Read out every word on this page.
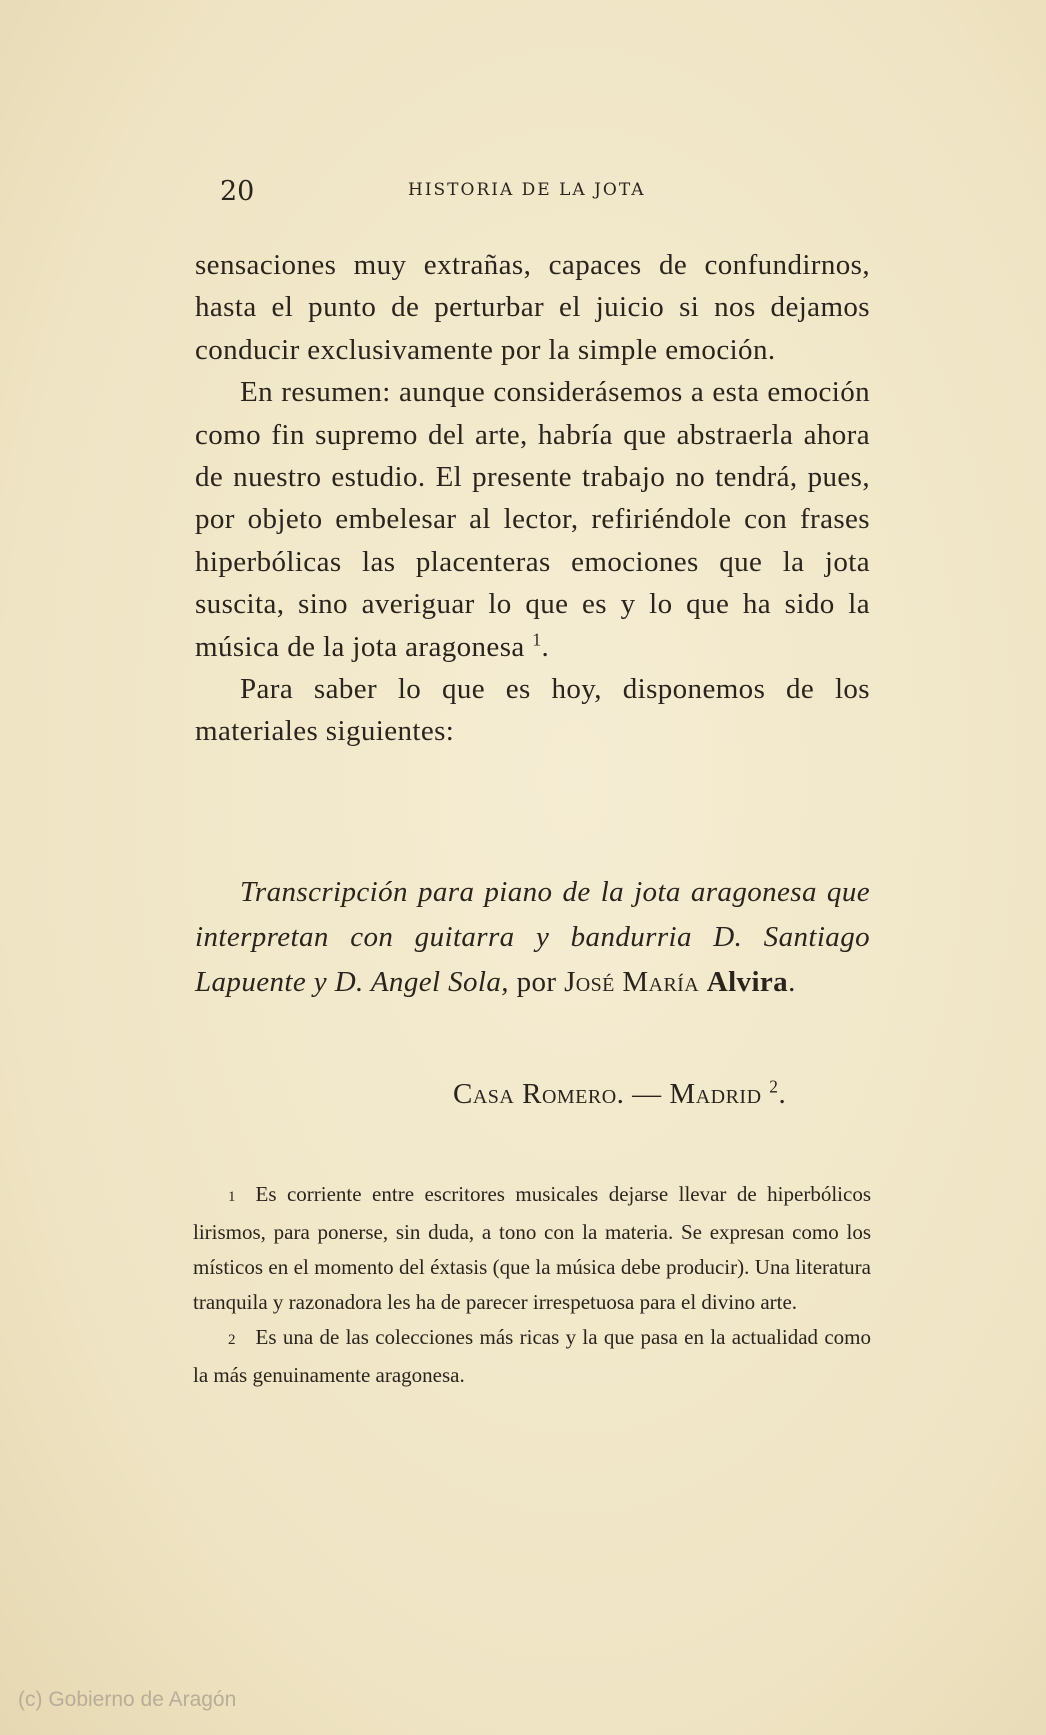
20	HISTORIA DE LA JOTA

sensaciones muy extrañas, capaces de confundirnos, hasta el punto de perturbar el juicio si nos dejamos conducir exclusivamente por la simple emoción.

En resumen: aunque considerásemos a esta emoción como fin supremo del arte, habría que abstraerla ahora de nuestro estudio. El presente trabajo no tendrá, pues, por objeto embelesar al lector, refiriéndole con frases hiperbólicas las placenteras emociones que la jota suscita, sino averiguar lo que es y lo que ha sido la música de la jota aragonesa $^1$.

Para saber lo que es hoy, disponemos de los materiales siguientes:

Transcripción para piano de la jota aragonesa que interpretan con guitarra y bandurria D. Santiago Lapuente y D. Angel Sola, por José María Alvira.

Casa Romero. — Madrid $^2$.

1 Es corriente entre escritores musicales dejarse llevar de hiperbólicos lirismos, para ponerse, sin duda, a tono con la materia. Se expresan como los místicos en el momento del éxtasis (que la música debe producir). Una literatura tranquila y razonadora les ha de parecer irrespetuosa para el divino arte.

2 Es una de las colecciones más ricas y la que pasa en la actualidad como la más genuinamente aragonesa.

(c) Gobierno de Aragón
